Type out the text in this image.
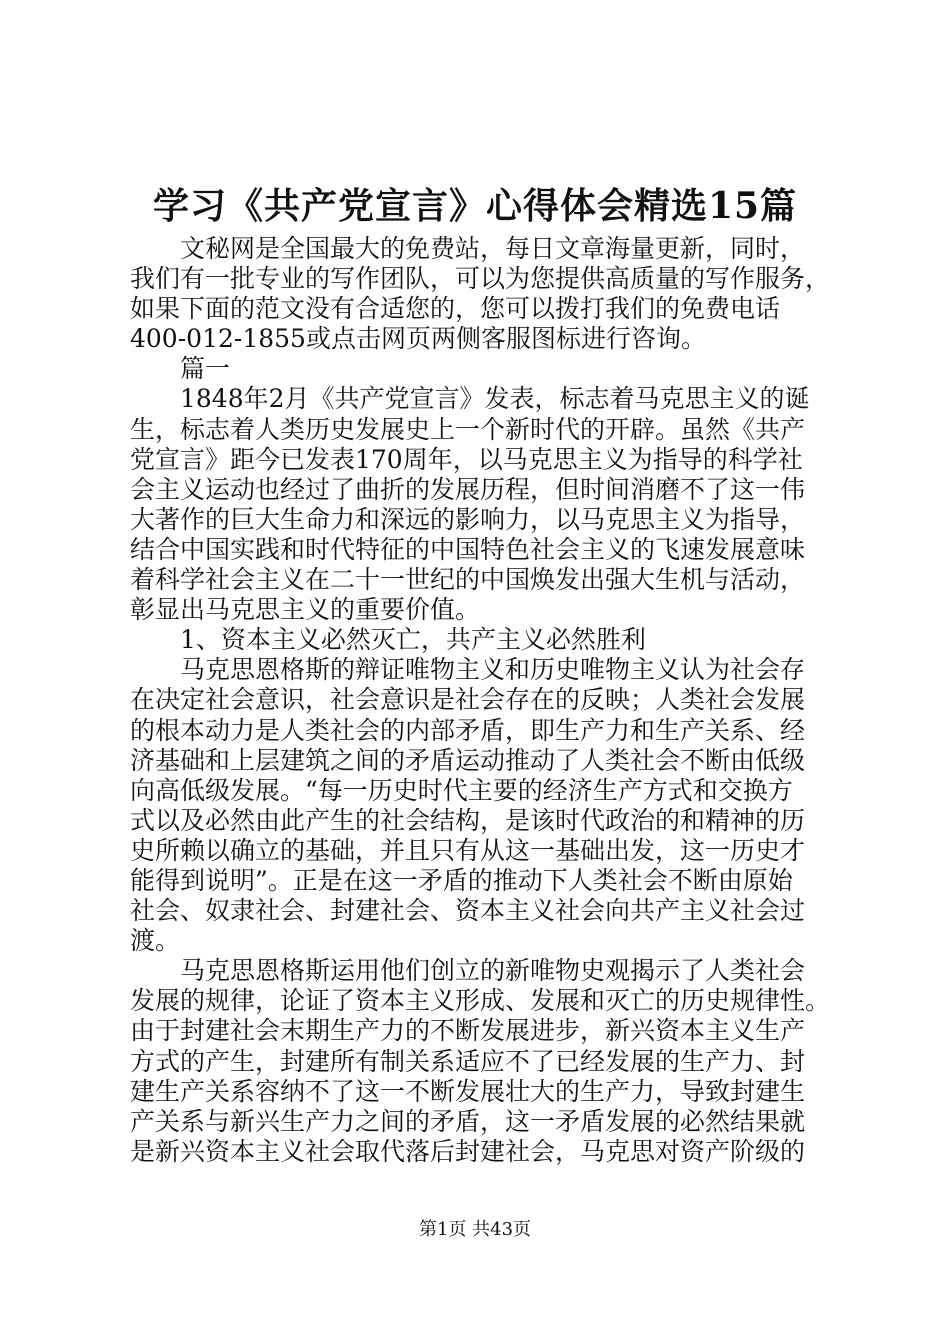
学习《共产党宣言》心得体会精选15篇
　　文秘网是全国最大的免费站，每日文章海量更新，同时，
我们有一批专业的写作团队，可以为您提供高质量的写作服务，
如果下面的范文没有合适您的，您可以拨打我们的免费电话
400-012-1855或点击网页两侧客服图标进行咨询。
　　篇一
　　1848年2月《共产党宣言》发表，标志着马克思主义的诞
生，标志着人类历史发展史上一个新时代的开辟。虽然《共产
党宣言》距今已发表170周年，以马克思主义为指导的科学社
会主义运动也经过了曲折的发展历程，但时间消磨不了这一伟
大著作的巨大生命力和深远的影响力，以马克思主义为指导，
结合中国实践和时代特征的中国特色社会主义的飞速发展意味
着科学社会主义在二十一世纪的中国焕发出强大生机与活动，
彰显出马克思主义的重要价值。
　　1、资本主义必然灭亡，共产主义必然胜利
　　马克思恩格斯的辩证唯物主义和历史唯物主义认为社会存
在决定社会意识，社会意识是社会存在的反映；人类社会发展
的根本动力是人类社会的内部矛盾，即生产力和生产关系、经
济基础和上层建筑之间的矛盾运动推动了人类社会不断由低级
向高低级发展。“每一历史时代主要的经济生产方式和交换方
式以及必然由此产生的社会结构，是该时代政治的和精神的历
史所赖以确立的基础，并且只有从这一基础出发，这一历史才
能得到说明”。正是在这一矛盾的推动下人类社会不断由原始
社会、奴隶社会、封建社会、资本主义社会向共产主义社会过
渡。
　　马克思恩格斯运用他们创立的新唯物史观揭示了人类社会
发展的规律，论证了资本主义形成、发展和灭亡的历史规律性。
由于封建社会末期生产力的不断发展进步，新兴资本主义生产
方式的产生，封建所有制关系适应不了已经发展的生产力、封
建生产关系容纳不了这一不断发展壮大的生产力，导致封建生
产关系与新兴生产力之间的矛盾，这一矛盾发展的必然结果就
是新兴资本主义社会取代落后封建社会，马克思对资产阶级的
第1页 共43页
